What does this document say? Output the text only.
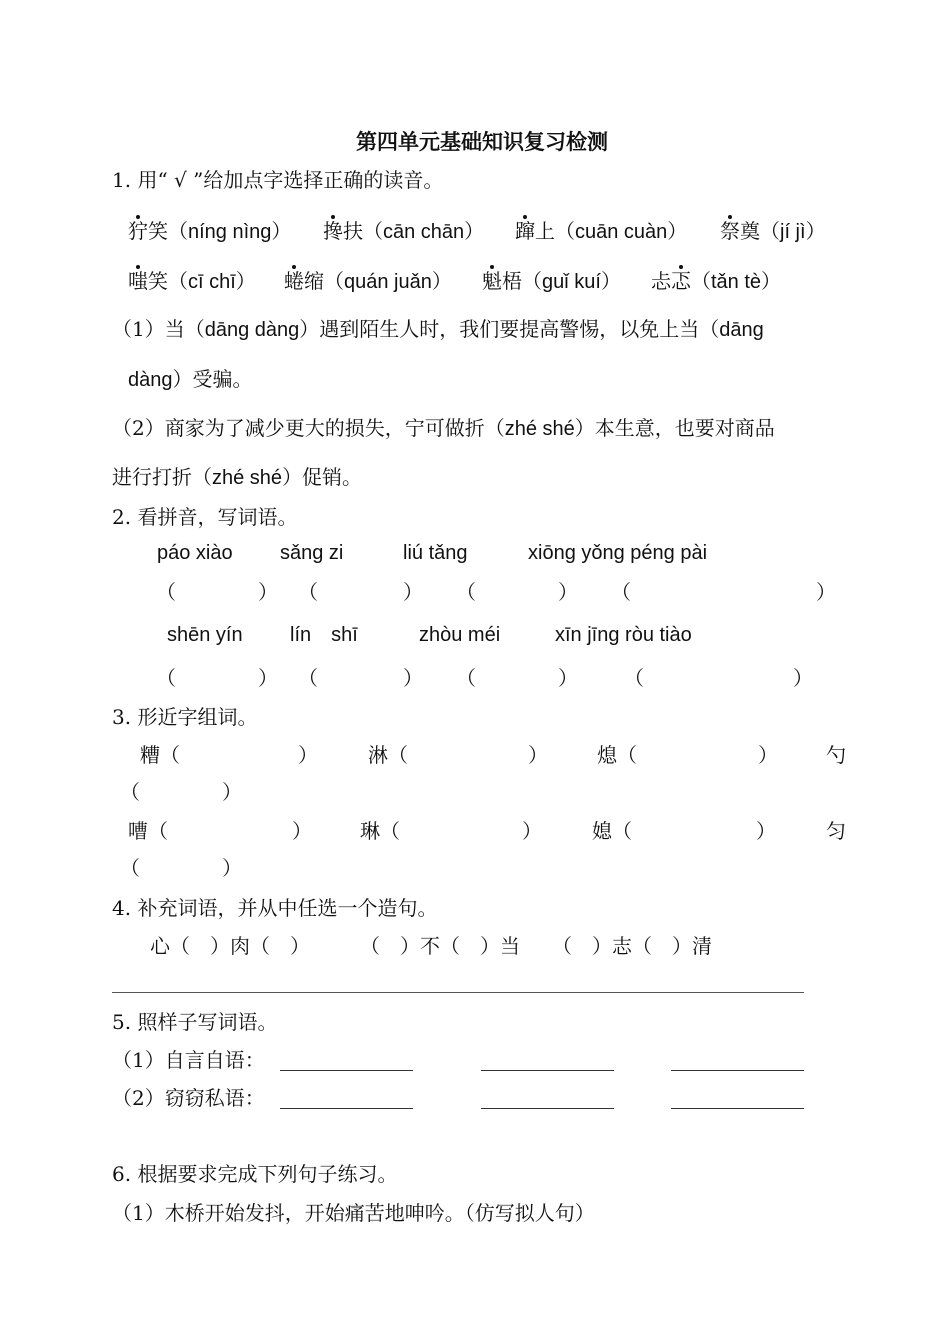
第四单元基础知识复习检测
1. 用“ √ ”给加点字选择正确的读音。
狞笑（níng nìng） 搀扶（cān chān） 蹿上（cuān cuàn） 祭奠（jí jì）
嗤笑（cī chī） 蜷缩（quán juǎn） 魁梧（guǐ kuí） 忐忑（tǎn tè）
（1）当（dāng dàng）遇到陌生人时，我们要提高警惕，以免上当（dāng
dàng）受骗。
（2）商家为了减少更大的损失，宁可做折（zhé shé）本生意，也要对商品
进行打折（zhé shé）促销。
2. 看拼音，写词语。
páo xiào sǎng zi	liú tǎng	xiōng yǒng péng pài
（	） （	） （	） （	）
shēn yín lín　shī	zhòu méi	xīn jīng ròu tiào
（	） （	） （	） （	）
3. 形近字组词。
糟（	）	淋（	） 熄（	） 勺
（	）
嘈（	） 琳（	）	媳（	）	匀
（	）
4. 补充词语，并从中任选一个造句。
心（　）肉（　）	（　）不（　）当 （　）志（　）清
5. 照样子写词语。
（1）自言自语：
（2）窃窃私语：
6. 根据要求完成下列句子练习。
（1）木桥开始发抖，开始痛苦地呻吟。（仿写拟人句）
